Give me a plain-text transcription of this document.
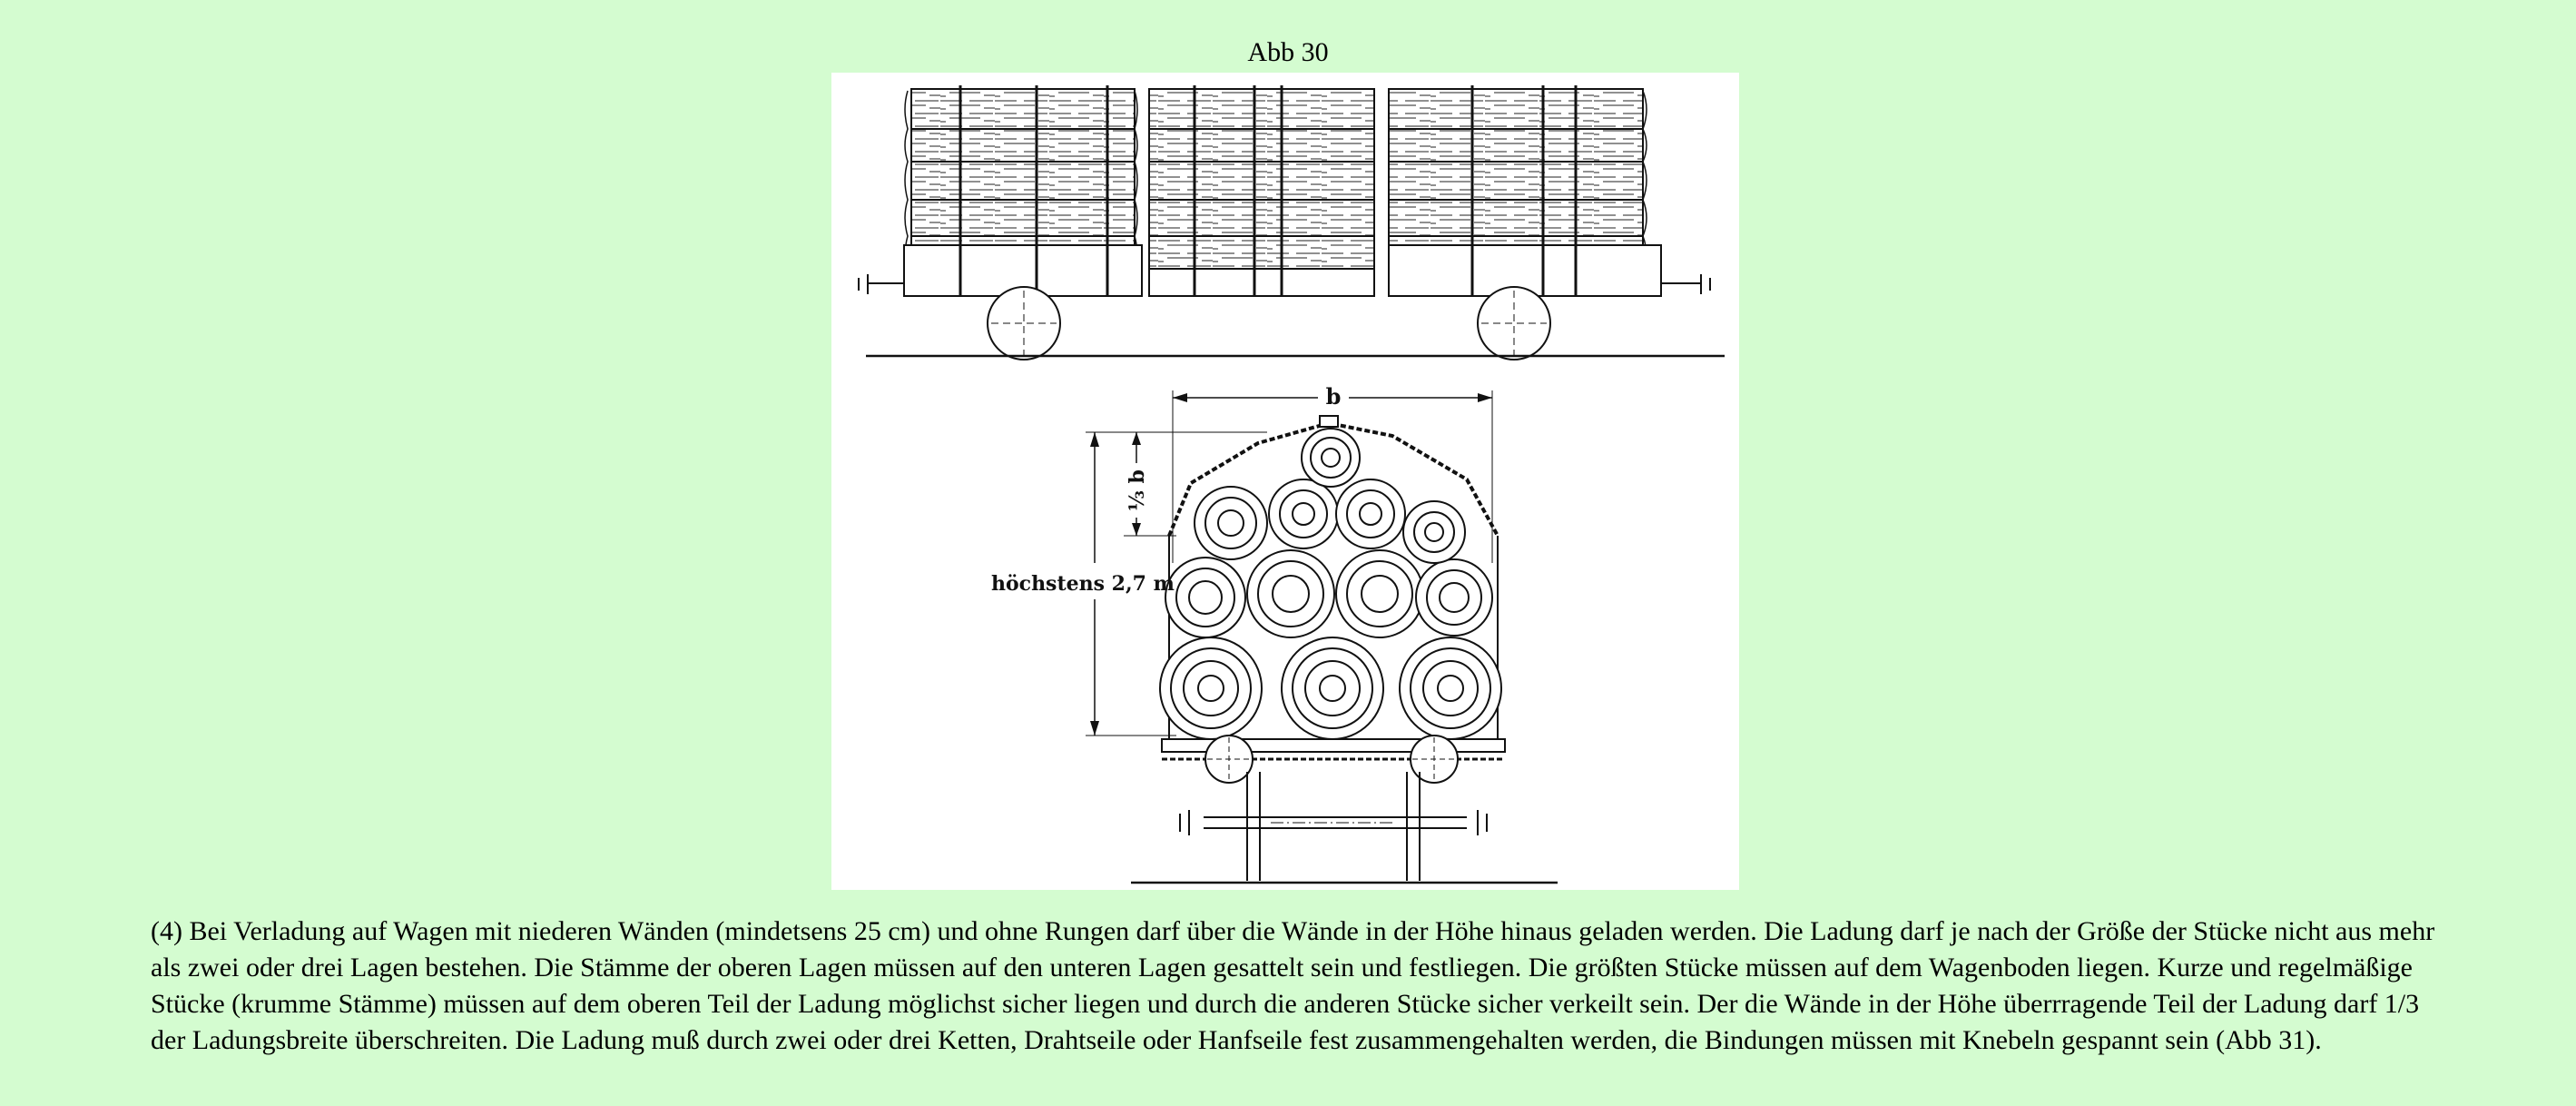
Abb 30
b
⅓ b
höchstens 2,7 m
(4) Bei Verladung auf Wagen mit niederen Wänden (mindetsens 25 cm) und ohne Rungen darf über die Wände in der Höhe hinaus geladen werden. Die Ladung darf je nach der Größe der Stücke nicht aus mehr als zwei oder drei Lagen bestehen. Die Stämme der oberen Lagen müssen auf den unteren Lagen gesattelt sein und festliegen. Die größten Stücke müssen auf dem Wagenboden liegen. Kurze und regelmäßige Stücke (krumme Stämme) müssen auf dem oberen Teil der Ladung möglichst sicher liegen und durch die anderen Stücke sicher verkeilt sein. Der die Wände in der Höhe überrragende Teil der Ladung darf 1/3 der Ladungsbreite überschreiten. Die Ladung muß durch zwei oder drei Ketten, Drahtseile oder Hanfseile fest zusammengehalten werden, die Bindungen müssen mit Knebeln gespannt sein (Abb 31).
